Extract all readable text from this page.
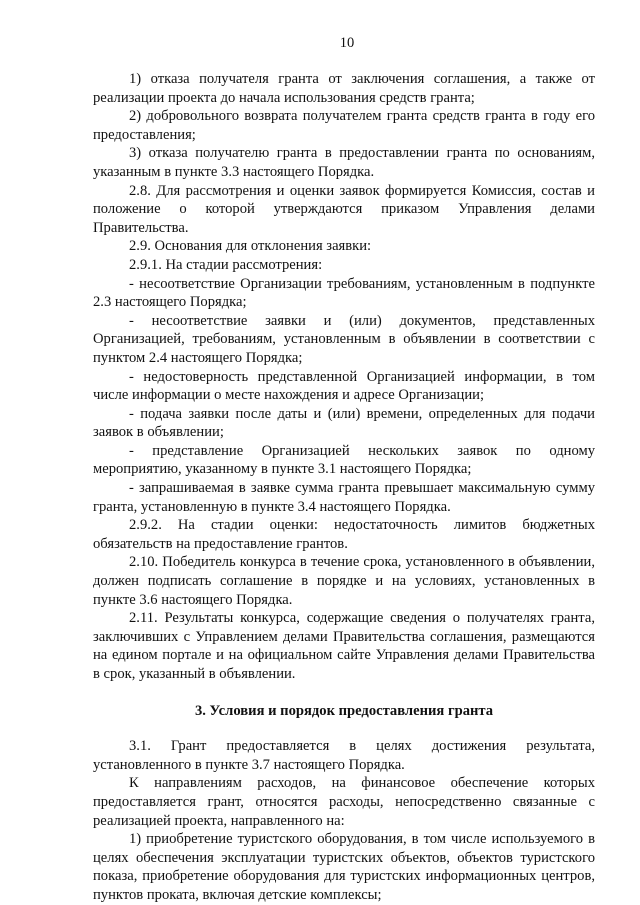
10

1) отказа получателя гранта от заключения соглашения, а также от реализации проекта до начала использования средств гранта;

2) добровольного возврата получателем гранта средств гранта в году его предоставления;

3) отказа получателю гранта в предоставлении гранта по основаниям, указанным в пункте 3.3 настоящего Порядка.

2.8. Для рассмотрения и оценки заявок формируется Комиссия, состав и положение о которой утверждаются приказом Управления делами Правительства.

2.9. Основания для отклонения заявки:

2.9.1. На стадии рассмотрения:

- несоответствие Организации требованиям, установленным в подпункте 2.3 настоящего Порядка;

- несоответствие заявки и (или) документов, представленных Организацией, требованиям, установленным в объявлении в соответствии с пунктом 2.4 настоящего Порядка;

- недостоверность представленной Организацией информации, в том числе информации о месте нахождения и адресе Организации;

- подача заявки после даты и (или) времени, определенных для подачи заявок в объявлении;

- представление Организацией нескольких заявок по одному мероприятию, указанному в пункте 3.1 настоящего Порядка;

- запрашиваемая в заявке сумма гранта превышает максимальную сумму гранта, установленную в пункте 3.4 настоящего Порядка.

2.9.2. На стадии оценки: недостаточность лимитов бюджетных обязательств на предоставление грантов.

2.10. Победитель конкурса в течение срока, установленного в объявлении, должен подписать соглашение в порядке и на условиях, установленных в пункте 3.6 настоящего Порядка.

2.11. Результаты конкурса, содержащие сведения о получателях гранта, заключивших с Управлением делами Правительства соглашения, размещаются на едином портале и на официальном сайте Управления делами Правительства в срок, указанный в объявлении.

3. Условия и порядок предоставления гранта

3.1. Грант предоставляется в целях достижения результата, установленного в пункте 3.7 настоящего Порядка.

К направлениям расходов, на финансовое обеспечение которых предоставляется грант, относятся расходы, непосредственно связанные с реализацией проекта, направленного на:

1) приобретение туристского оборудования, в том числе используемого в целях обеспечения эксплуатации туристских объектов, объектов туристского показа, приобретение оборудования для туристских информационных центров, пунктов проката, включая детские комплексы;
